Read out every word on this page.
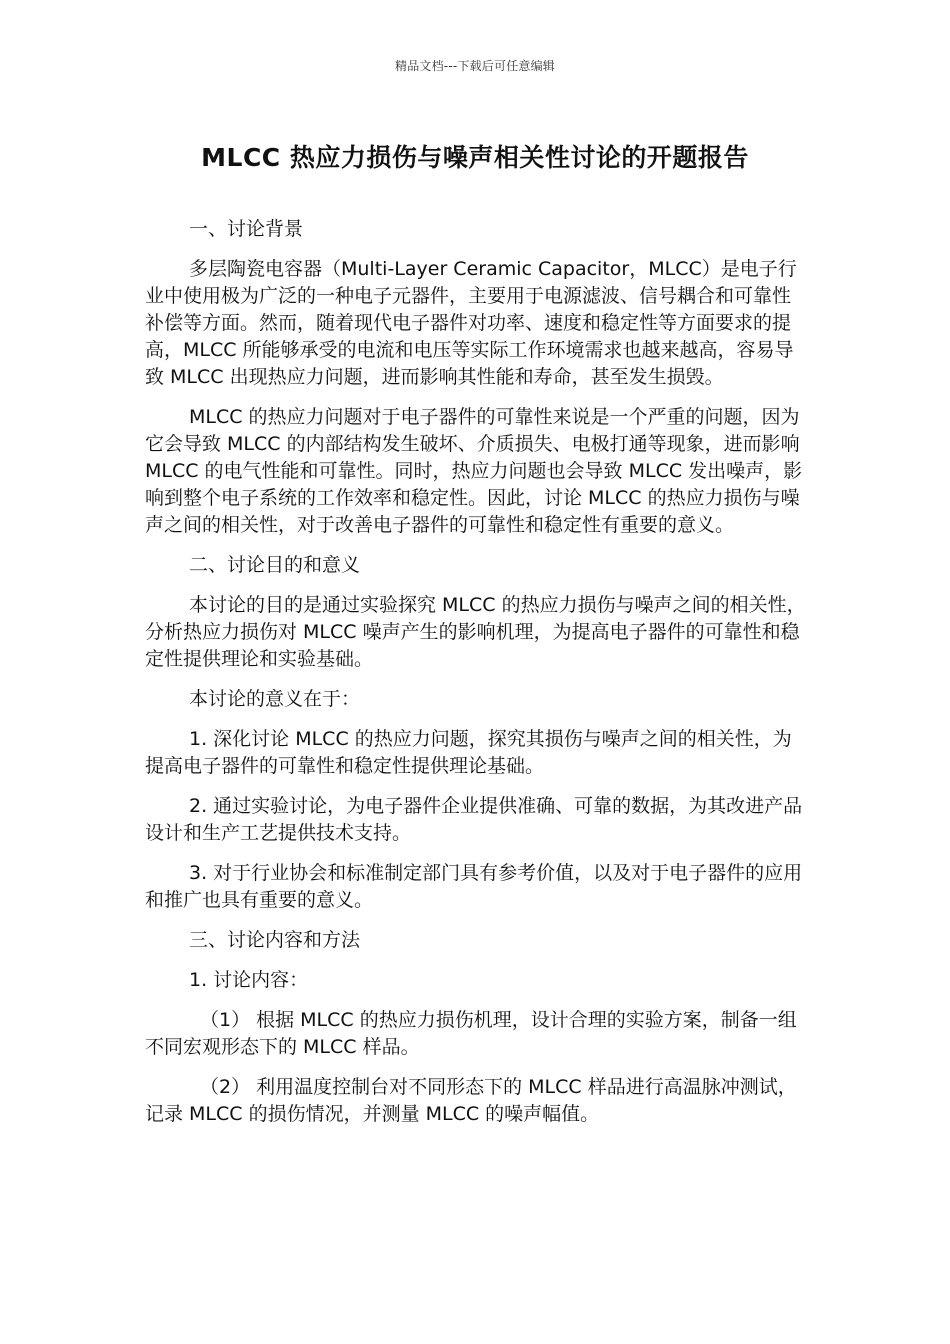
精品文档---下载后可任意编辑
MLCC 热应力损伤与噪声相关性讨论的开题报告

一、讨论背景

多层陶瓷电容器（Multi-Layer Ceramic Capacitor，MLCC）是电子行业中使用极为广泛的一种电子元器件，主要用于电源滤波、信号耦合和可靠性补偿等方面。然而，随着现代电子器件对功率、速度和稳定性等方面要求的提高，MLCC 所能够承受的电流和电压等实际工作环境需求也越来越高，容易导致 MLCC 出现热应力问题，进而影响其性能和寿命，甚至发生损毁。

MLCC 的热应力问题对于电子器件的可靠性来说是一个严重的问题，因为它会导致 MLCC 的内部结构发生破坏、介质损失、电极打通等现象，进而影响 MLCC 的电气性能和可靠性。同时，热应力问题也会导致 MLCC 发出噪声，影响到整个电子系统的工作效率和稳定性。因此，讨论 MLCC 的热应力损伤与噪声之间的相关性，对于改善电子器件的可靠性和稳定性有重要的意义。

二、讨论目的和意义

本讨论的目的是通过实验探究 MLCC 的热应力损伤与噪声之间的相关性，分析热应力损伤对 MLCC 噪声产生的影响机理，为提高电子器件的可靠性和稳定性提供理论和实验基础。

本讨论的意义在于：

1. 深化讨论 MLCC 的热应力问题，探究其损伤与噪声之间的相关性，为提高电子器件的可靠性和稳定性提供理论基础。

2. 通过实验讨论，为电子器件企业提供准确、可靠的数据，为其改进产品设计和生产工艺提供技术支持。

3. 对于行业协会和标准制定部门具有参考价值，以及对于电子器件的应用和推广也具有重要的意义。

三、讨论内容和方法

1. 讨论内容：

（1） 根据 MLCC 的热应力损伤机理，设计合理的实验方案，制备一组不同宏观形态下的 MLCC 样品。

（2） 利用温度控制台对不同形态下的 MLCC 样品进行高温脉冲测试，记录 MLCC 的损伤情况，并测量 MLCC 的噪声幅值。
